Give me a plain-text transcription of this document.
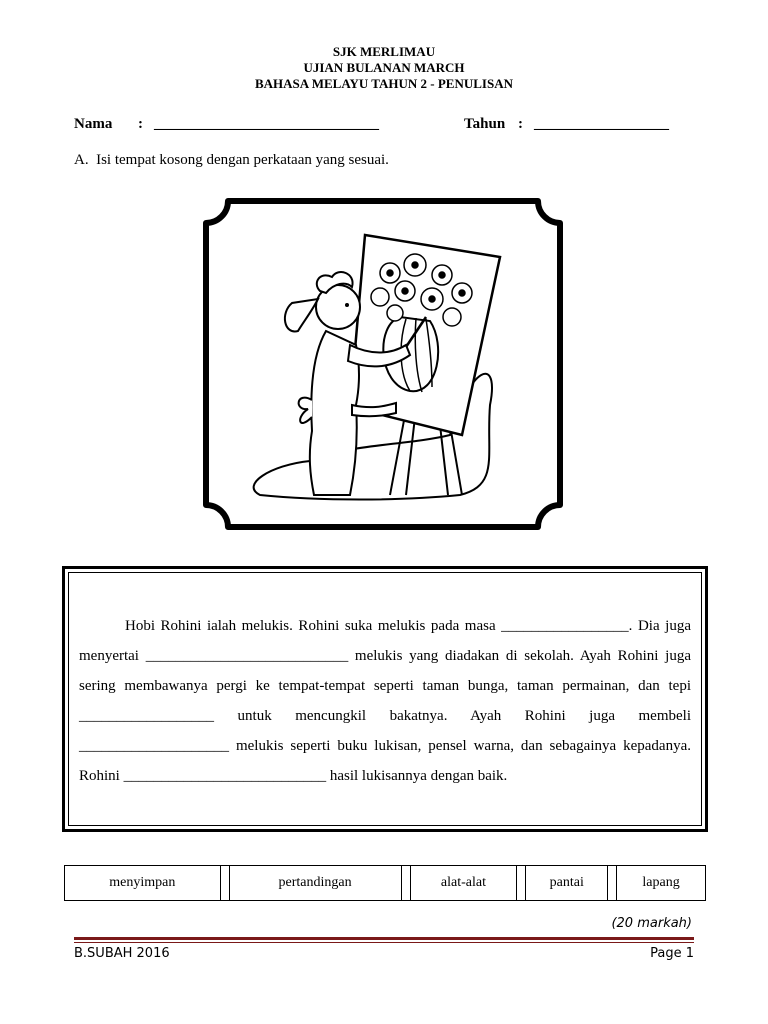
SJK MERLIMAU
UJIAN BULANAN MARCH
BAHASA MELAYU TAHUN 2 - PENULISAN
Nama : ______________________________	Tahun : __________________
A.  Isi tempat kosong dengan perkataan yang sesuai.
Hobi Rohini ialah melukis. Rohini suka melukis pada masa _________________. Dia juga menyertai ___________________________ melukis yang diadakan di sekolah. Ayah Rohini juga sering membawanya pergi ke tempat-tempat seperti taman bunga, taman permainan, dan tepi __________________ untuk mencungkil bakatnya. Ayah Rohini juga membeli ____________________ melukis seperti buku lukisan, pensel warna, dan sebagainya kepadanya. Rohini ___________________________ hasil lukisannya dengan baik.
menyimpan		pertandingan		alat-alat		pantai		lapang
(20 markah)
B.SUBAH 2016	Page 1
